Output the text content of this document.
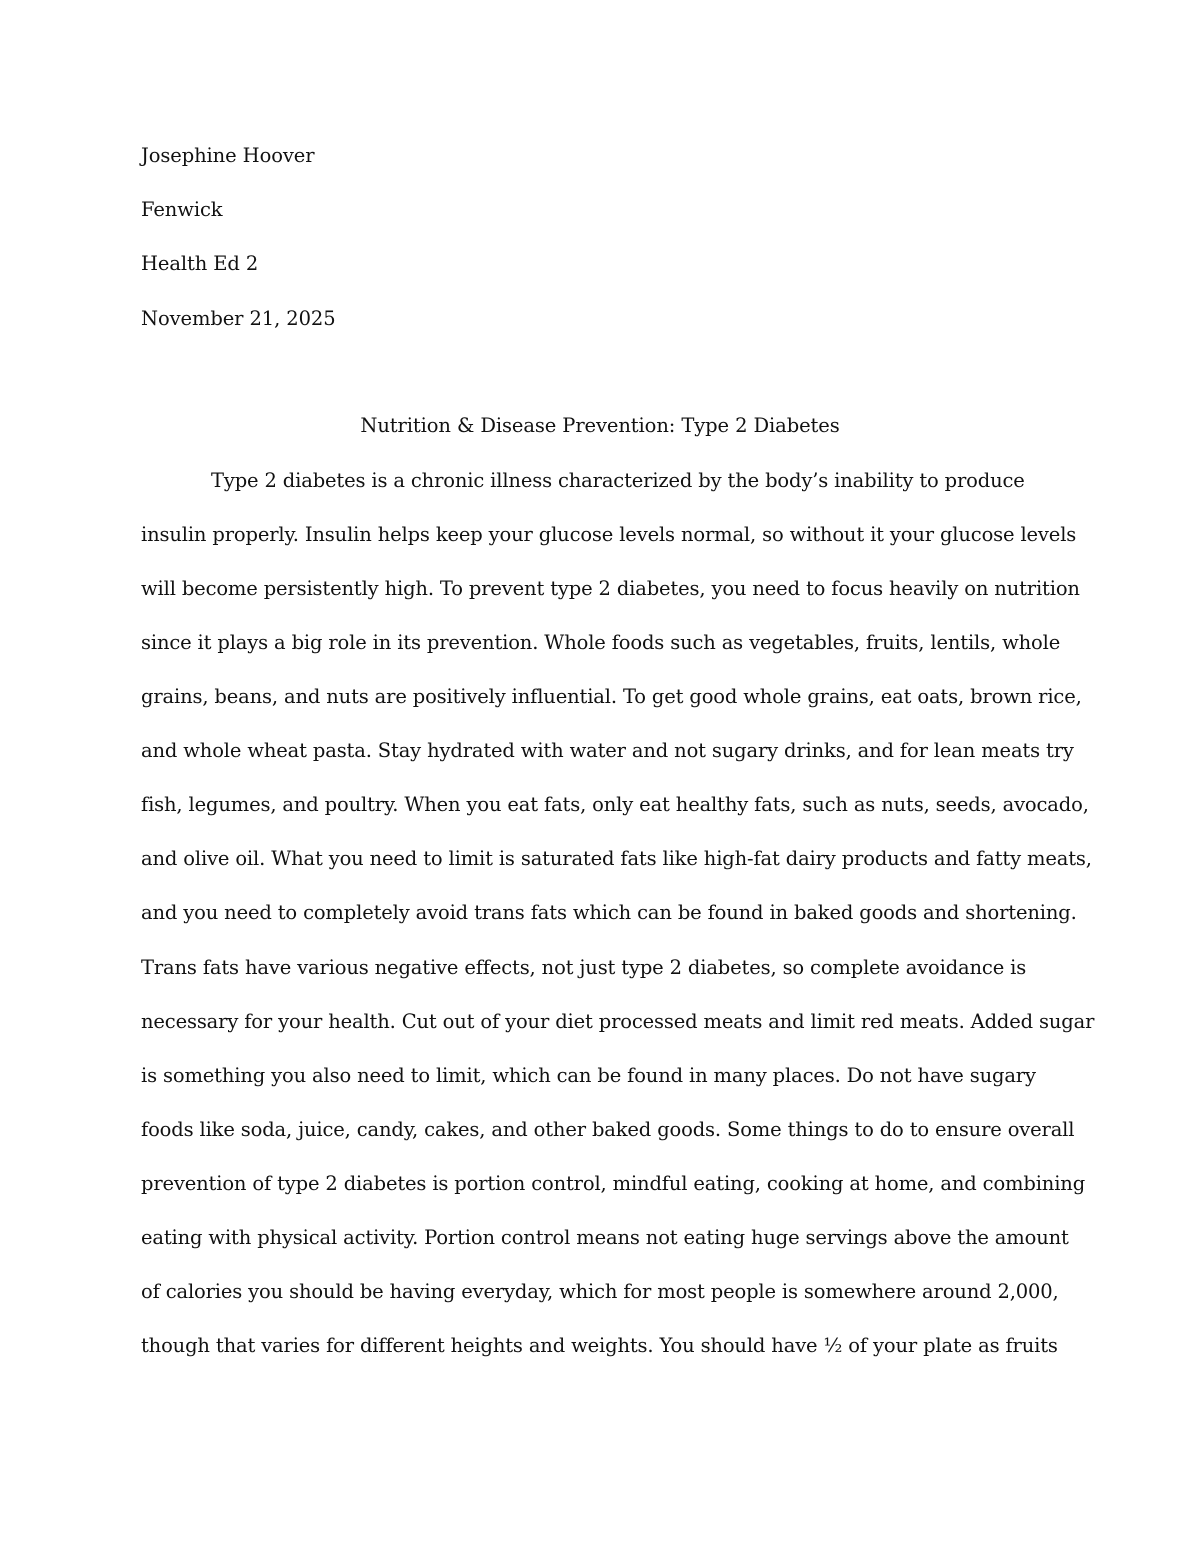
Josephine Hoover
Fenwick
Health Ed 2
November 21, 2025
Nutrition & Disease Prevention: Type 2 Diabetes
Type 2 diabetes is a chronic illness characterized by the body’s inability to produce
insulin properly. Insulin helps keep your glucose levels normal, so without it your glucose levels
will become persistently high. To prevent type 2 diabetes, you need to focus heavily on nutrition
since it plays a big role in its prevention. Whole foods such as vegetables, fruits, lentils, whole
grains, beans, and nuts are positively influential. To get good whole grains, eat oats, brown rice,
and whole wheat pasta. Stay hydrated with water and not sugary drinks, and for lean meats try
fish, legumes, and poultry. When you eat fats, only eat healthy fats, such as nuts, seeds, avocado,
and olive oil. What you need to limit is saturated fats like high-fat dairy products and fatty meats,
and you need to completely avoid trans fats which can be found in baked goods and shortening.
Trans fats have various negative effects, not just type 2 diabetes, so complete avoidance is
necessary for your health. Cut out of your diet processed meats and limit red meats. Added sugar
is something you also need to limit, which can be found in many places. Do not have sugary
foods like soda, juice, candy, cakes, and other baked goods. Some things to do to ensure overall
prevention of type 2 diabetes is portion control, mindful eating, cooking at home, and combining
eating with physical activity. Portion control means not eating huge servings above the amount
of calories you should be having everyday, which for most people is somewhere around 2,000,
though that varies for different heights and weights. You should have ½ of your plate as fruits
